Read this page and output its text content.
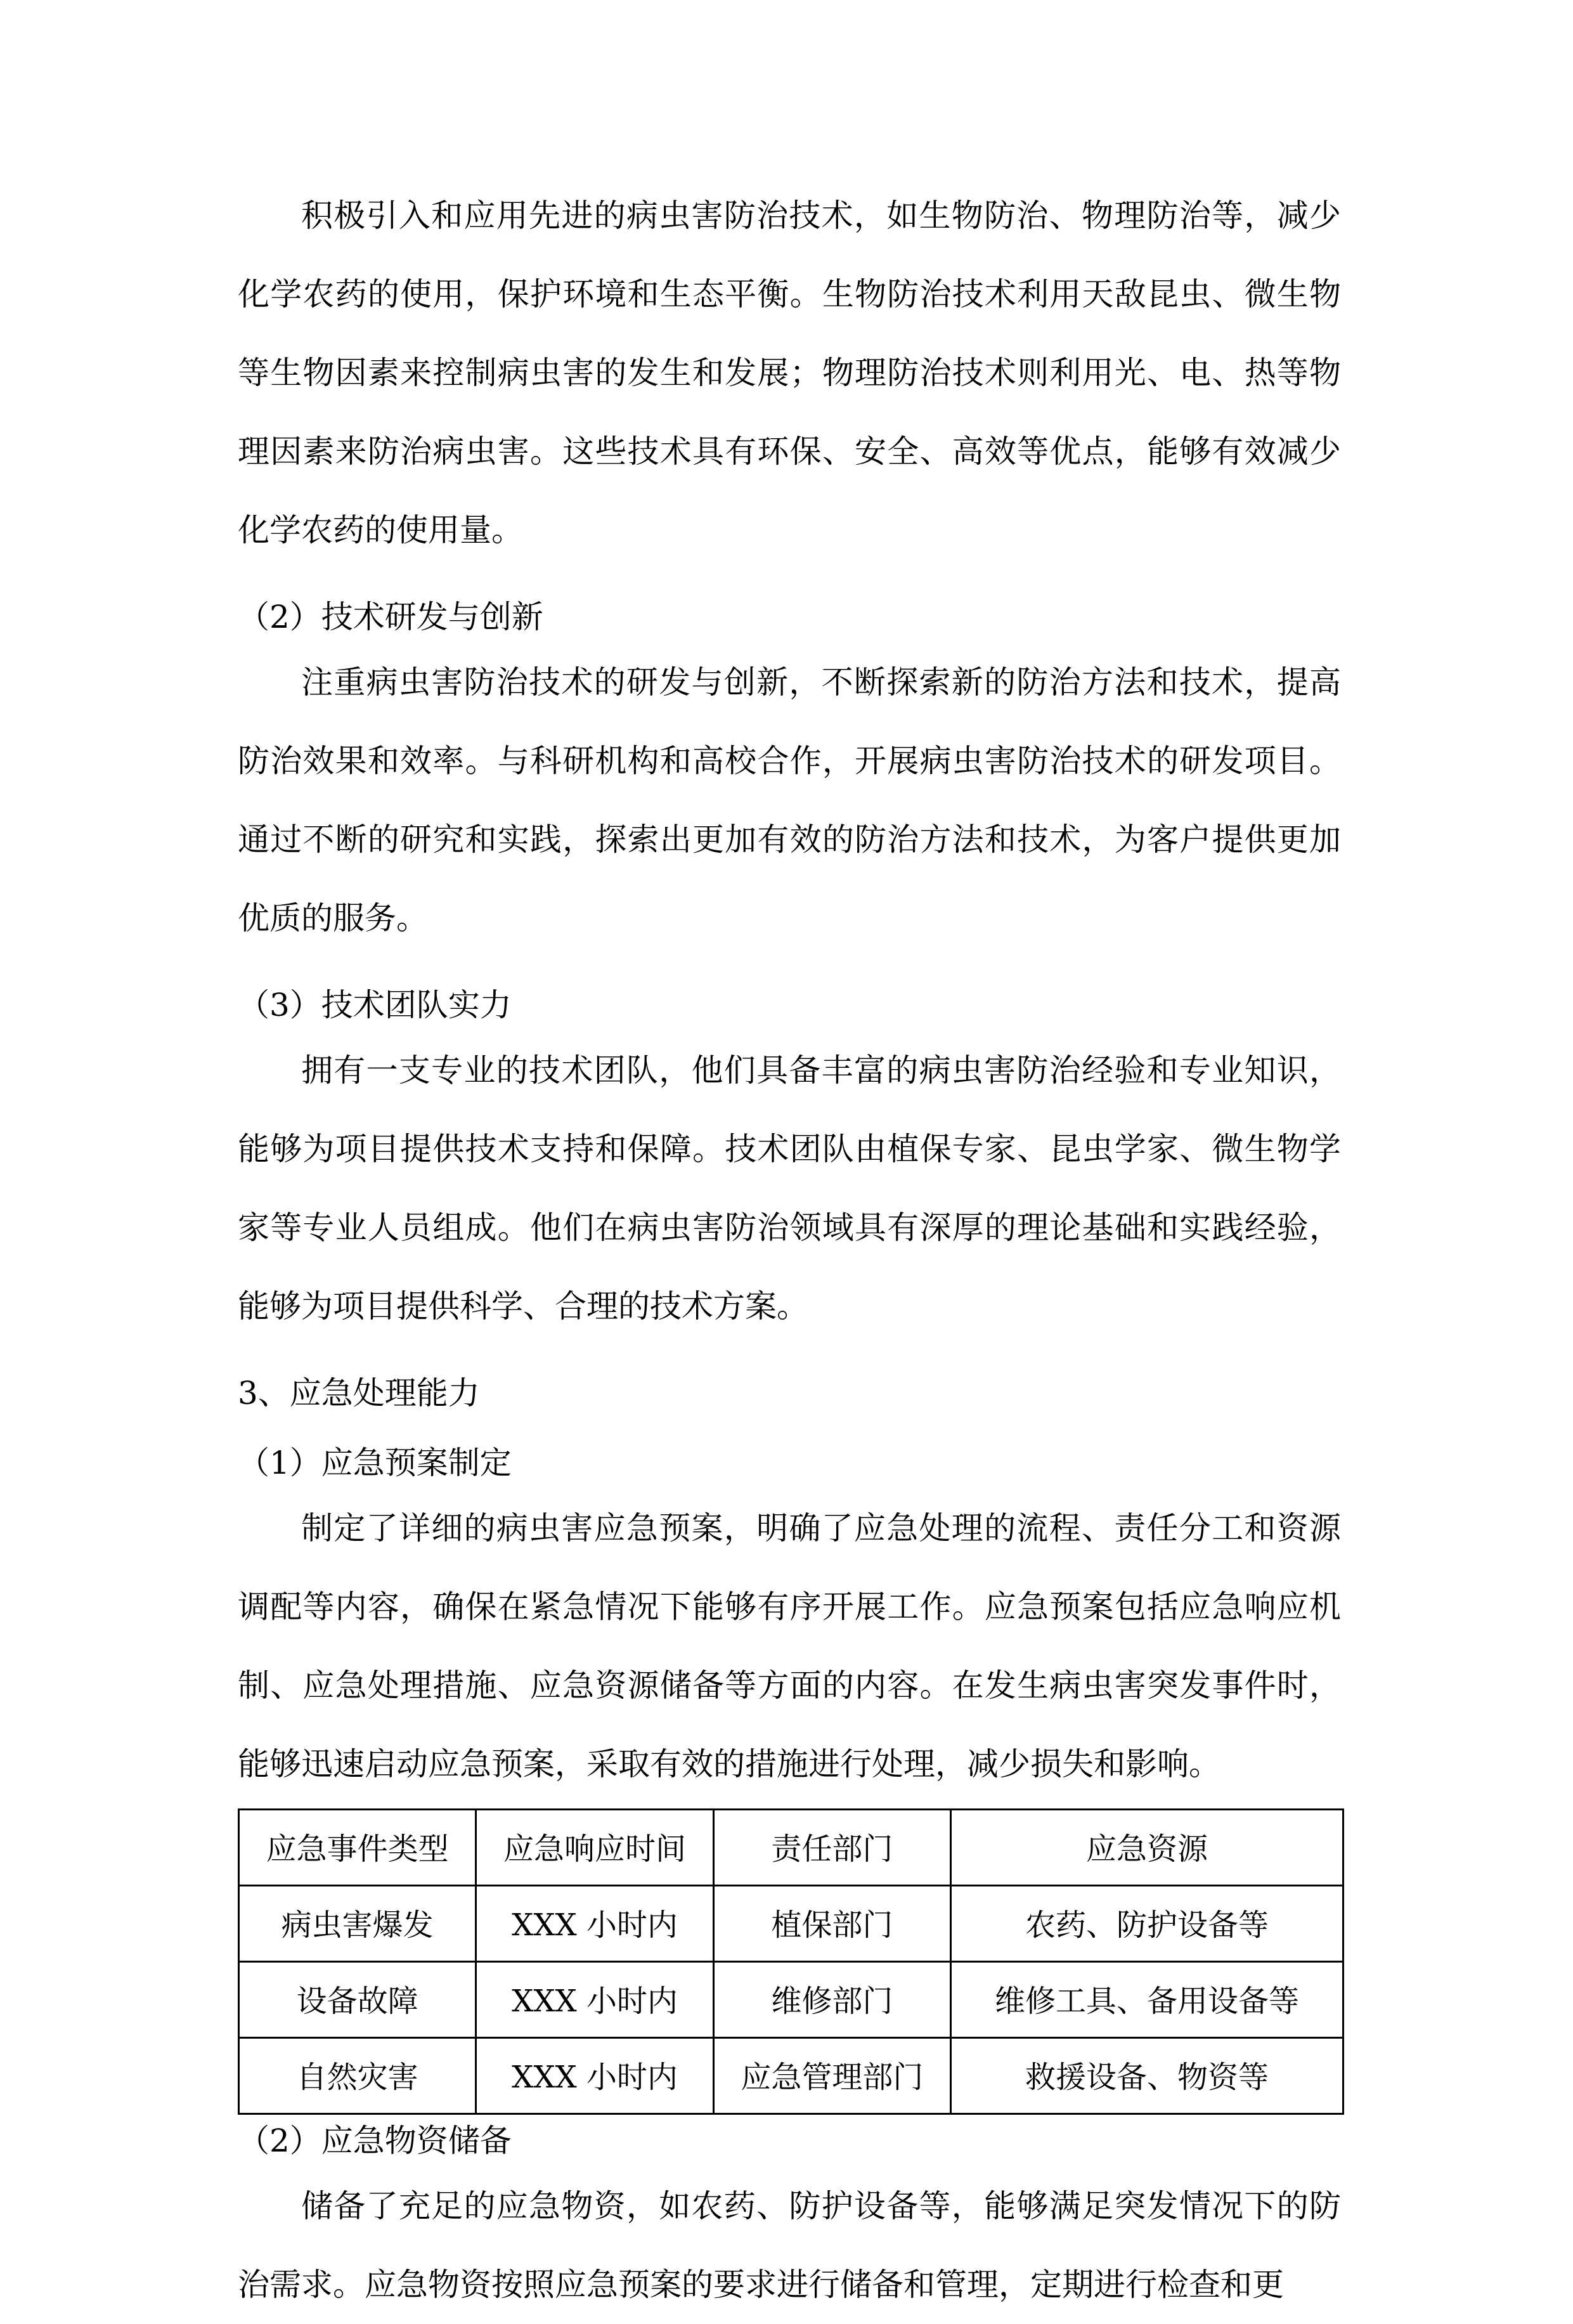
积极引入和应用先进的病虫害防治技术，如生物防治、物理防治等，减少化学农药的使用，保护环境和生态平衡。生物防治技术利用天敌昆虫、微生物等生物因素来控制病虫害的发生和发展；物理防治技术则利用光、电、热等物理因素来防治病虫害。这些技术具有环保、安全、高效等优点，能够有效减少化学农药的使用量。

（2）技术研发与创新

注重病虫害防治技术的研发与创新，不断探索新的防治方法和技术，提高防治效果和效率。与科研机构和高校合作，开展病虫害防治技术的研发项目。通过不断的研究和实践，探索出更加有效的防治方法和技术，为客户提供更加优质的服务。

（3）技术团队实力

拥有一支专业的技术团队，他们具备丰富的病虫害防治经验和专业知识，能够为项目提供技术支持和保障。技术团队由植保专家、昆虫学家、微生物学家等专业人员组成。他们在病虫害防治领域具有深厚的理论基础和实践经验，能够为项目提供科学、合理的技术方案。

3、应急处理能力

（1）应急预案制定

制定了详细的病虫害应急预案，明确了应急处理的流程、责任分工和资源调配等内容，确保在紧急情况下能够有序开展工作。应急预案包括应急响应机制、应急处理措施、应急资源储备等方面的内容。在发生病虫害突发事件时，能够迅速启动应急预案，采取有效的措施进行处理，减少损失和影响。

应急事件类型	应急响应时间	责任部门	应急资源
病虫害爆发	XXX 小时内	植保部门	农药、防护设备等
设备故障	XXX 小时内	维修部门	维修工具、备用设备等
自然灾害	XXX 小时内	应急管理部门	救援设备、物资等

（2）应急物资储备

储备了充足的应急物资，如农药、防护设备等，能够满足突发情况下的防治需求。应急物资按照应急预案的要求进行储备和管理，定期进行检查和更
